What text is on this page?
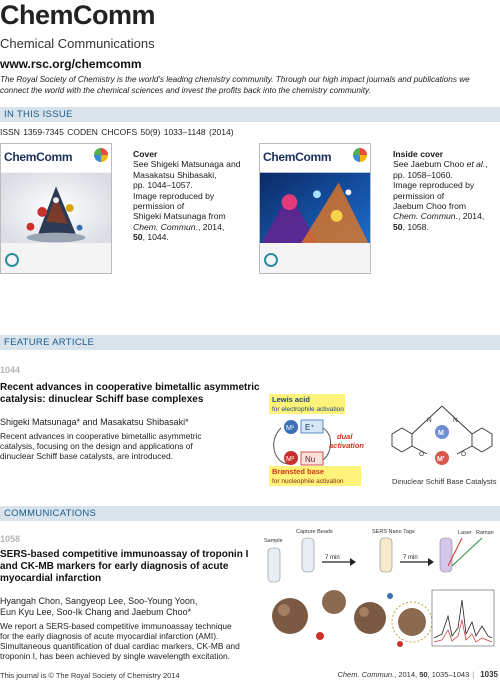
ChemComm
Chemical Communications
www.rsc.org/chemcomm
The Royal Society of Chemistry is the world's leading chemistry community. Through our high impact journals and publications we connect the world with the chemical sciences and invest the profits back into the chemistry community.
IN THIS ISSUE
ISSN 1359-7345 CODEN CHCOFS 50(9) 1033–1148 (2014)
ChemComm	Cover
See Shigeki Matsunaga and
Masakatsu Shibasaki,
pp. 1044–1057.
Image reproduced by
permission of
Shigeki Matsunaga from
Chem. Commun., 2014,
50, 1044.
ChemComm	Inside cover
See Jaebum Choo et al.,
pp. 1058–1060.
Image reproduced by
permission of
Jaebum Choo from
Chem. Commun., 2014,
50, 1058.
FEATURE ARTICLE
1044
Recent advances in cooperative bimetallic asymmetric
catalysis: dinuclear Schiff base complexes
Shigeki Matsunaga* and Masakatsu Shibasaki*
Recent advances in cooperative bimetallic asymmetric
catalysis, focusing on the design and applications of
dinuclear Schiff base catalysts, are introduced.
Lewis acid
for electrophile activation
M¹ E⁺
M² Nu
dual
activation
Brønsted base
for nucleophile activation
N	N
O	O
M
M'
Dinuclear Schiff Base Catalysts
COMMUNICATIONS
1058
SERS-based competitive immunoassay of troponin I
and CK-MB markers for early diagnosis of acute
myocardial infarction
Hyangah Chon, Sangyeop Lee, Soo-Young Yoon,
Eun Kyu Lee, Soo-Ik Chang and Jaebum Choo*
We report a SERS-based competitive immunoassay technique
for the early diagnosis of acute myocardial infarction (AMI).
Simultaneous quantification of dual cardiac markers, CK-MB and
troponin I, has been achieved by single wavelength excitation.
Sample
Capture Beads	SERS Nano Tags
7 min	7 min
Laser Raman
This journal is © The Royal Society of Chemistry 2014	Chem. Commun., 2014, 50, 1035–1043 | 1035
